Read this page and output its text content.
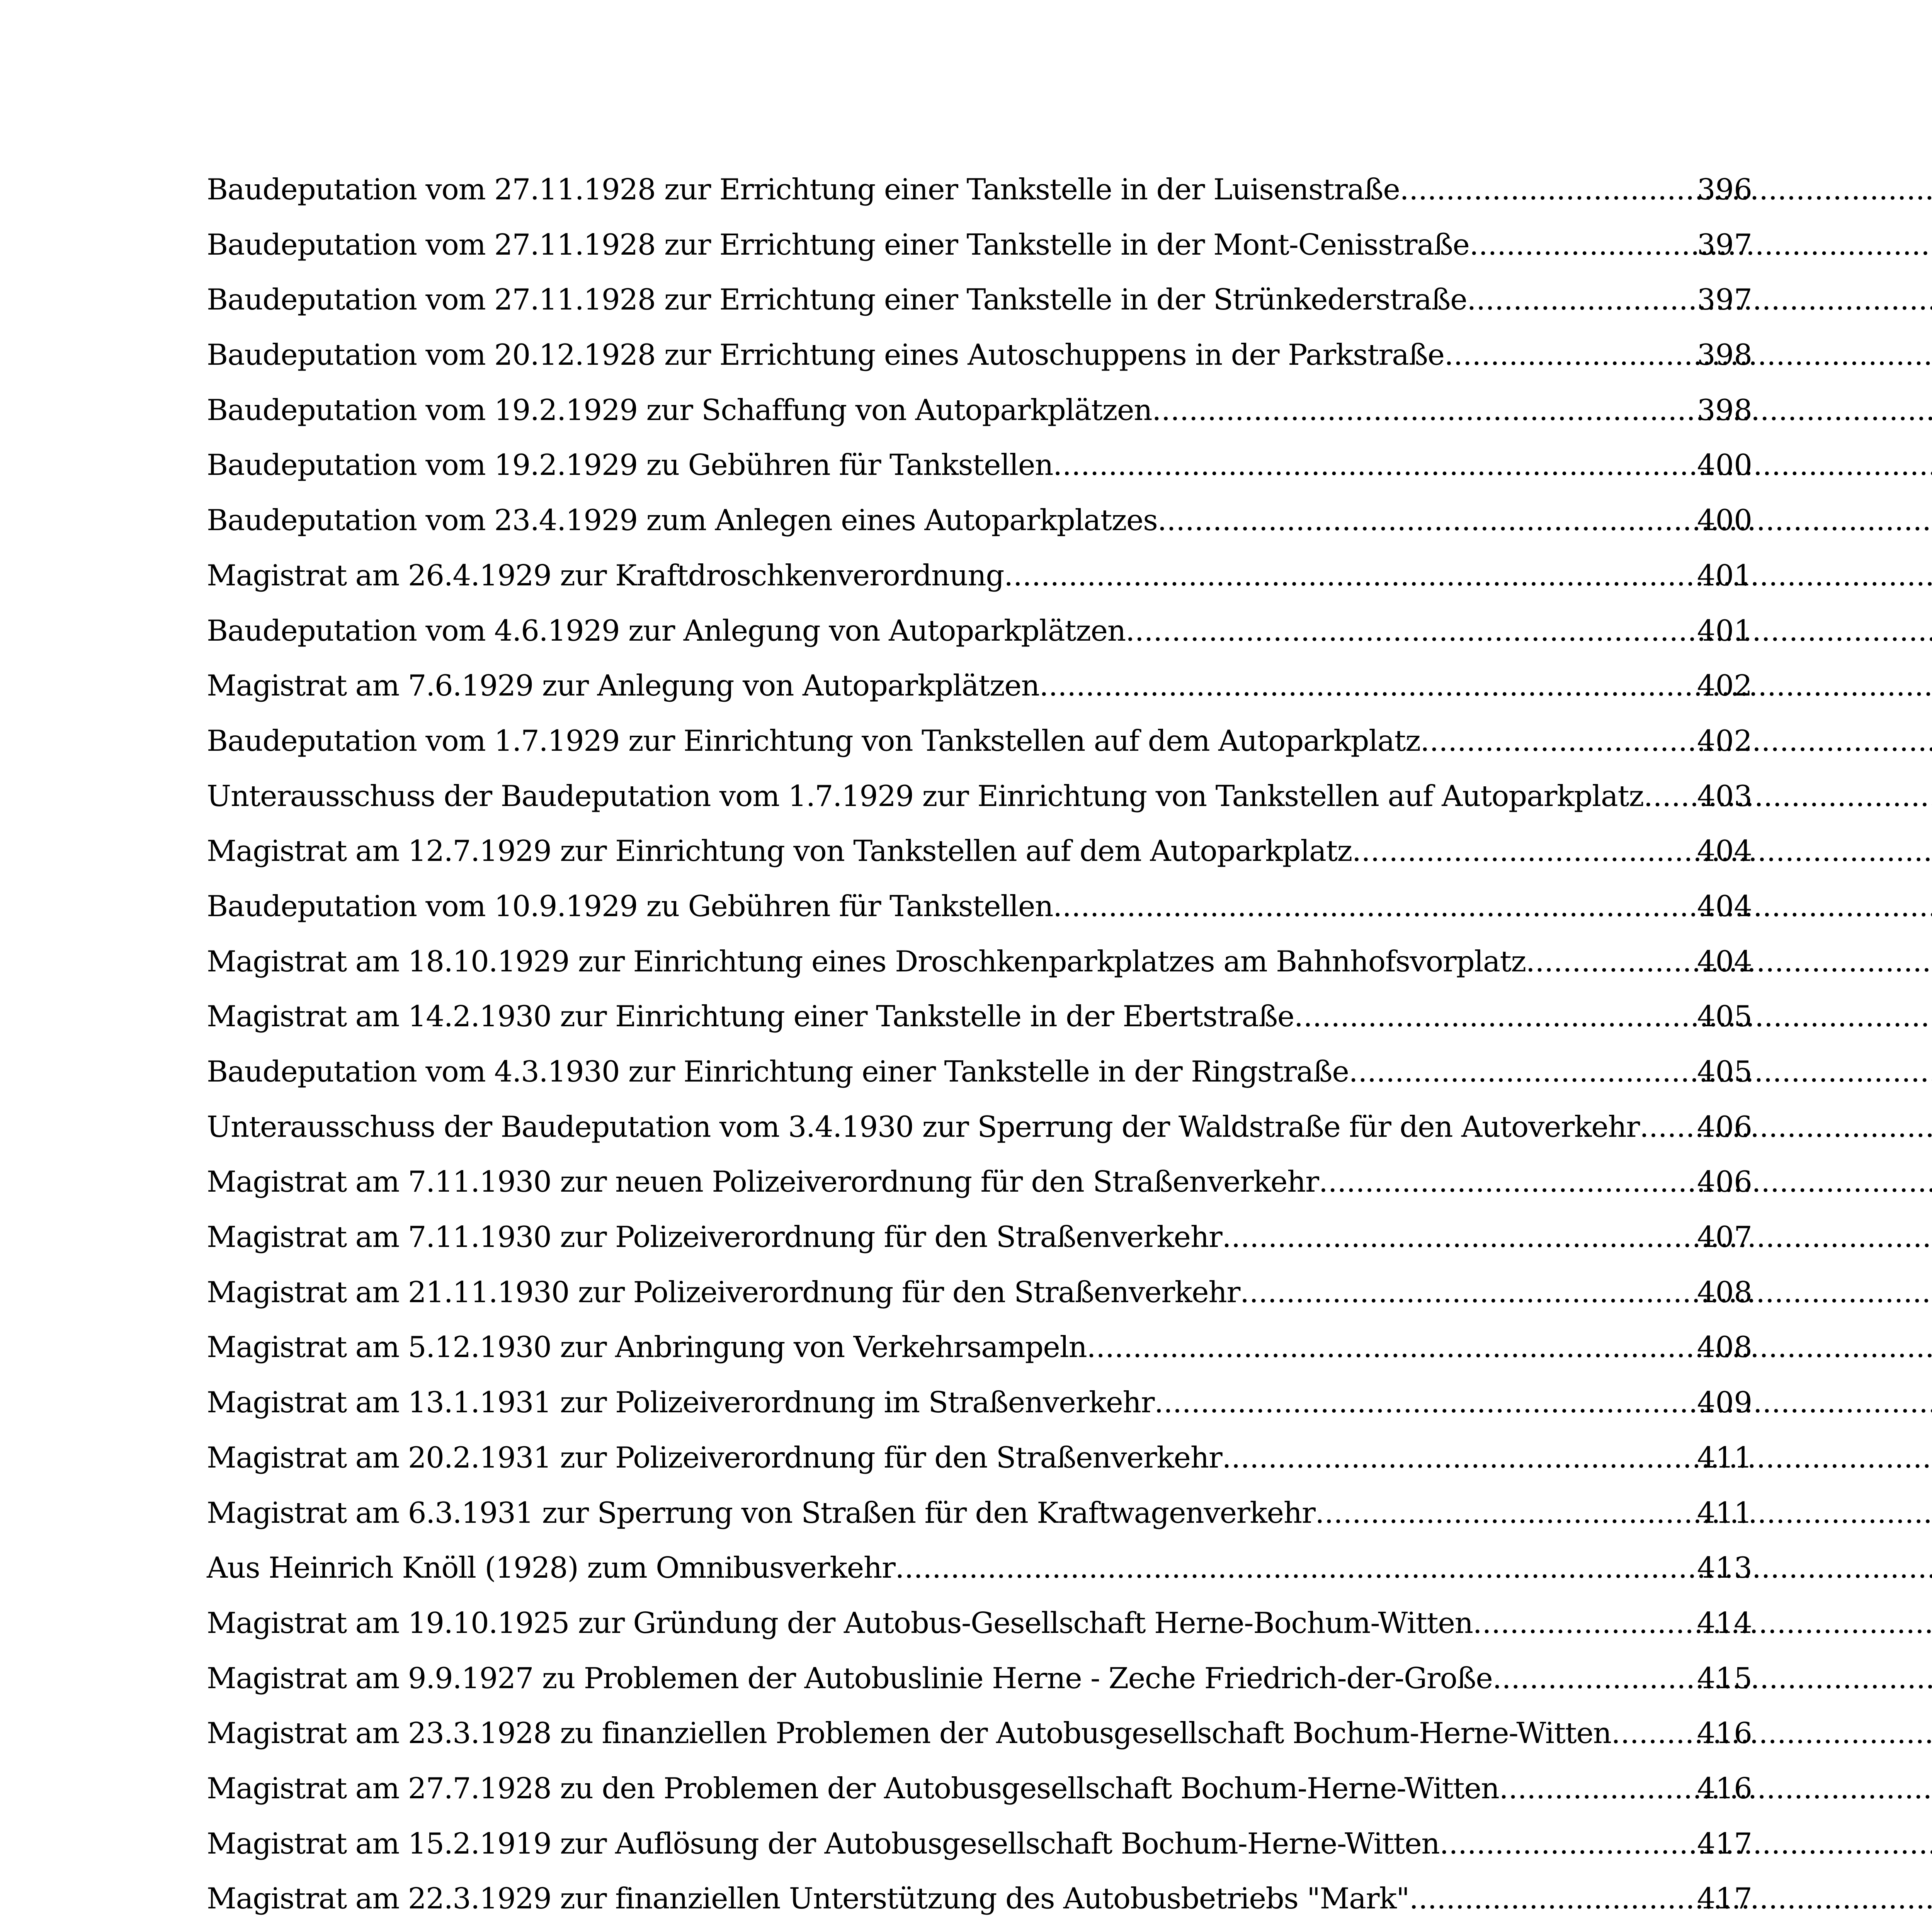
Baudeputation vom 27.11.1928 zur Errichtung einer Tankstelle in der Luisenstraße .....	396
Baudeputation vom 27.11.1928 zur Errichtung einer Tankstelle in der Mont-Cenisstraße .....	397
Baudeputation vom 27.11.1928 zur Errichtung einer Tankstelle in der Strünkederstraße .....	397
Baudeputation vom 20.12.1928 zur Errichtung eines Autoschuppens in der Parkstraße .....	398
Baudeputation vom 19.2.1929 zur Schaffung von Autoparkplätzen .....	398
Baudeputation vom 19.2.1929 zu Gebühren für Tankstellen .....	400
Baudeputation vom 23.4.1929 zum Anlegen eines Autoparkplatzes .....	400
Magistrat am 26.4.1929 zur Kraftdroschkenverordnung .....	401
Baudeputation vom 4.6.1929 zur Anlegung von Autoparkplätzen .....	401
Magistrat am 7.6.1929 zur Anlegung von Autoparkplätzen .....	402
Baudeputation vom 1.7.1929 zur Einrichtung von Tankstellen auf dem Autoparkplatz .....	402
Unterausschuss der Baudeputation vom 1.7.1929 zur Einrichtung von Tankstellen auf Autoparkplatz ..... 403
Magistrat am 12.7.1929 zur Einrichtung von Tankstellen auf dem Autoparkplatz .....	404
Baudeputation vom 10.9.1929 zu Gebühren für Tankstellen .....	404
Magistrat am 18.10.1929 zur Einrichtung eines Droschkenparkplatzes am Bahnhofsvorplatz .....	404
Magistrat am 14.2.1930 zur Einrichtung einer Tankstelle in der Ebertstraße .....	405
Baudeputation vom 4.3.1930 zur Einrichtung einer Tankstelle in der Ringstraße .....	405
Unterausschuss der Baudeputation vom 3.4.1930 zur Sperrung der Waldstraße für den Autoverkehr ..... 406
Magistrat am 7.11.1930 zur neuen Polizeiverordnung für den Straßenverkehr .....	406
Magistrat am 7.11.1930 zur Polizeiverordnung für den Straßenverkehr .....	407
Magistrat am 21.11.1930 zur Polizeiverordnung für den Straßenverkehr .....	408
Magistrat am 5.12.1930 zur Anbringung von Verkehrsampeln .....	408
Magistrat am 13.1.1931 zur Polizeiverordnung im Straßenverkehr .....	409
Magistrat am 20.2.1931 zur Polizeiverordnung für den Straßenverkehr .....	411
Magistrat am 6.3.1931 zur Sperrung von Straßen für den Kraftwagenverkehr .....	411
Aus Heinrich Knöll (1928) zum Omnibusverkehr .....	413
Magistrat am 19.10.1925 zur Gründung der Autobus-Gesellschaft Herne-Bochum-Witten .....	414
Magistrat am 9.9.1927 zu Problemen der Autobuslinie Herne - Zeche Friedrich-der-Große .....	415
Magistrat am 23.3.1928 zu finanziellen Problemen der Autobusgesellschaft Bochum-Herne-Witten .....	416
Magistrat am 27.7.1928 zu den Problemen der Autobusgesellschaft Bochum-Herne-Witten .....	416
Magistrat am 15.2.1919 zur Auflösung der Autobusgesellschaft Bochum-Herne-Witten .....	417
Magistrat am 22.3.1929 zur finanziellen Unterstützung des Autobusbetriebs "Mark" .....	417
